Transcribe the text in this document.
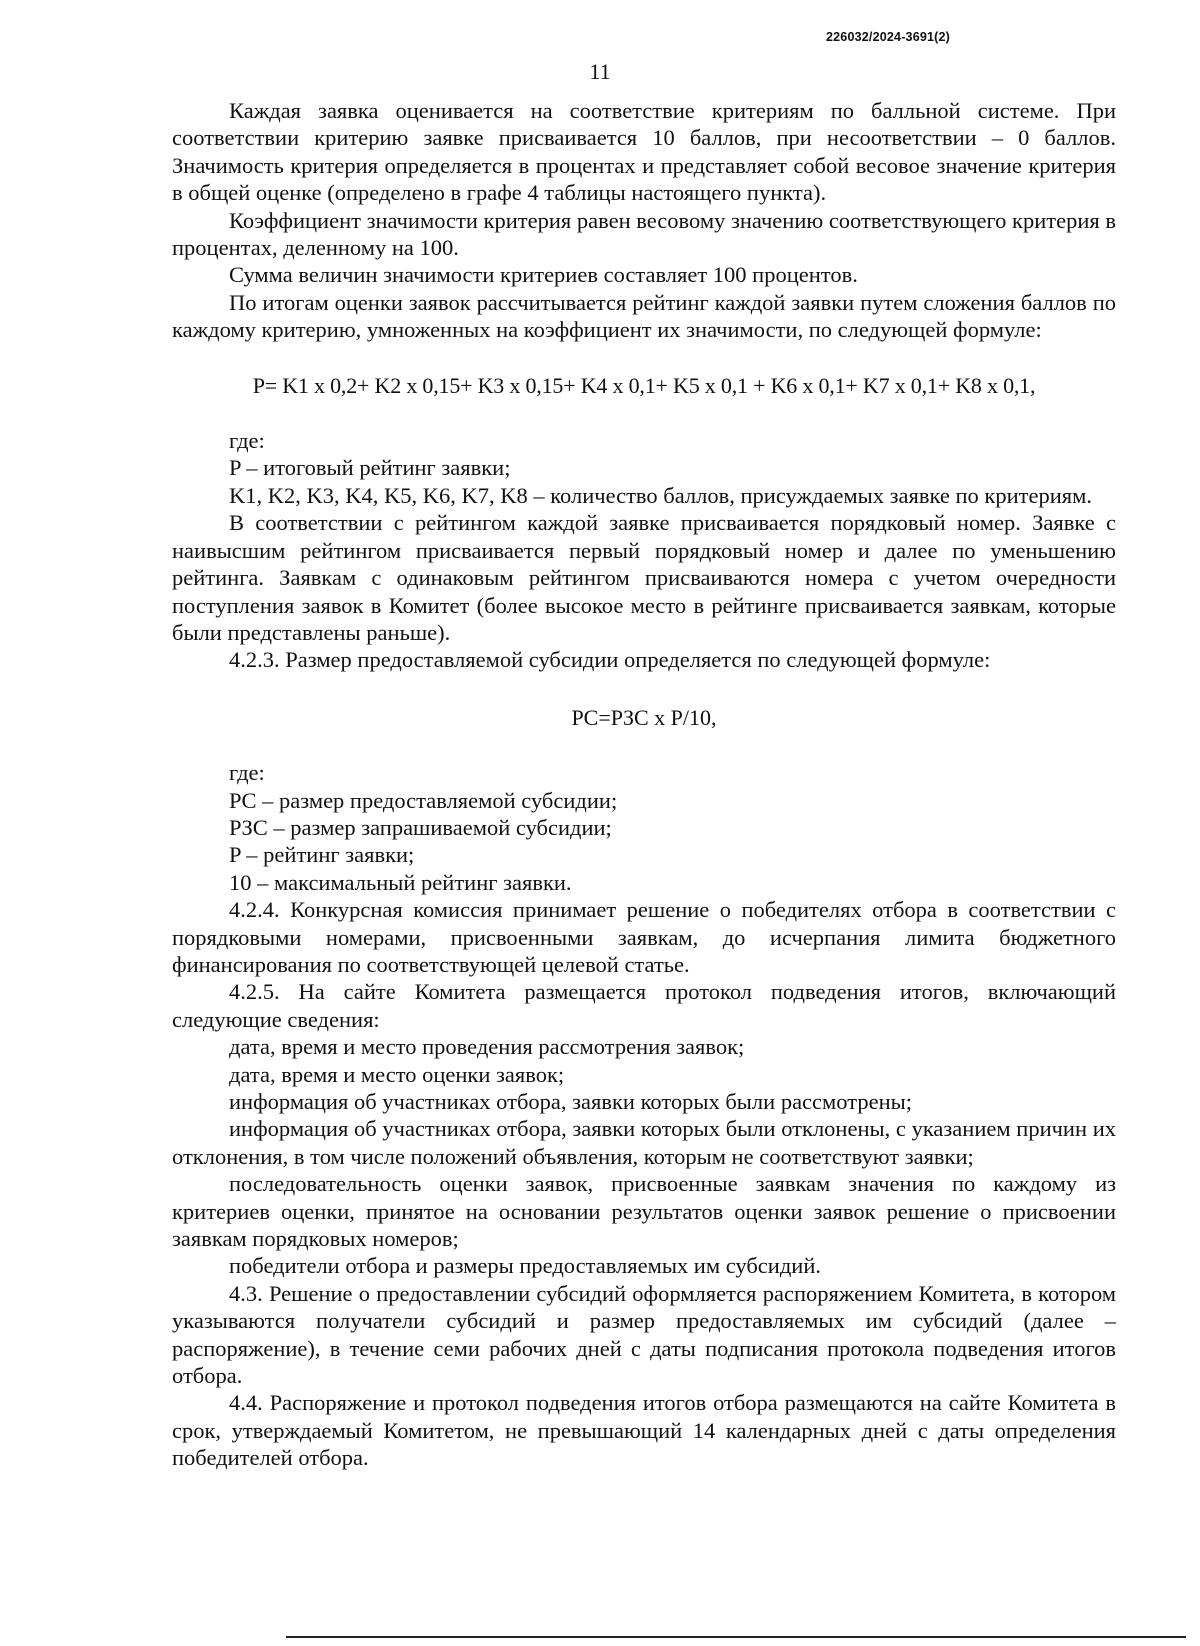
226032/2024-3691(2)
11

Каждая заявка оценивается на соответствие критериям по балльной системе. При соответствии критерию заявке присваивается 10 баллов, при несоответствии – 0 баллов. Значимость критерия определяется в процентах и представляет собой весовое значение критерия в общей оценке (определено в графе 4 таблицы настоящего пункта).

Коэффициент значимости критерия равен весовому значению соответствующего критерия в процентах, деленному на 100.

Сумма величин значимости критериев составляет 100 процентов.

По итогам оценки заявок рассчитывается рейтинг каждой заявки путем сложения баллов по каждому критерию, умноженных на коэффициент их значимости, по следующей формуле:

P= K1 x 0,2+ K2 x 0,15+ K3 x 0,15+ K4 x 0,1+ K5 x 0,1 + K6 x 0,1+ K7 x 0,1+ K8 x 0,1,

где:

P – итоговый рейтинг заявки;

K1, K2, K3, K4, K5, K6, K7, K8 – количество баллов, присуждаемых заявке по критериям.

В соответствии с рейтингом каждой заявке присваивается порядковый номер. Заявке с наивысшим рейтингом присваивается первый порядковый номер и далее по уменьшению рейтинга. Заявкам с одинаковым рейтингом присваиваются номера с учетом очередности поступления заявок в Комитет (более высокое место в рейтинге присваивается заявкам, которые были представлены раньше).

4.2.3. Размер предоставляемой субсидии определяется по следующей формуле:

PC=PЗC x P/10,

где:

PC – размер предоставляемой субсидии;

PЗC – размер запрашиваемой субсидии;

P – рейтинг заявки;

10 – максимальный рейтинг заявки.

4.2.4. Конкурсная комиссия принимает решение о победителях отбора в соответствии с порядковыми номерами, присвоенными заявкам, до исчерпания лимита бюджетного финансирования по соответствующей целевой статье.

4.2.5. На сайте Комитета размещается протокол подведения итогов, включающий следующие сведения:

дата, время и место проведения рассмотрения заявок;

дата, время и место оценки заявок;

информация об участниках отбора, заявки которых были рассмотрены;

информация об участниках отбора, заявки которых были отклонены, с указанием причин их отклонения, в том числе положений объявления, которым не соответствуют заявки;

последовательность оценки заявок, присвоенные заявкам значения по каждому из критериев оценки, принятое на основании результатов оценки заявок решение о присвоении заявкам порядковых номеров;

победители отбора и размеры предоставляемых им субсидий.

4.3. Решение о предоставлении субсидий оформляется распоряжением Комитета, в котором указываются получатели субсидий и размер предоставляемых им субсидий (далее – распоряжение), в течение семи рабочих дней с даты подписания протокола подведения итогов отбора.

4.4. Распоряжение и протокол подведения итогов отбора размещаются на сайте Комитета в срок, утверждаемый Комитетом, не превышающий 14 календарных дней с даты определения победителей отбора.
